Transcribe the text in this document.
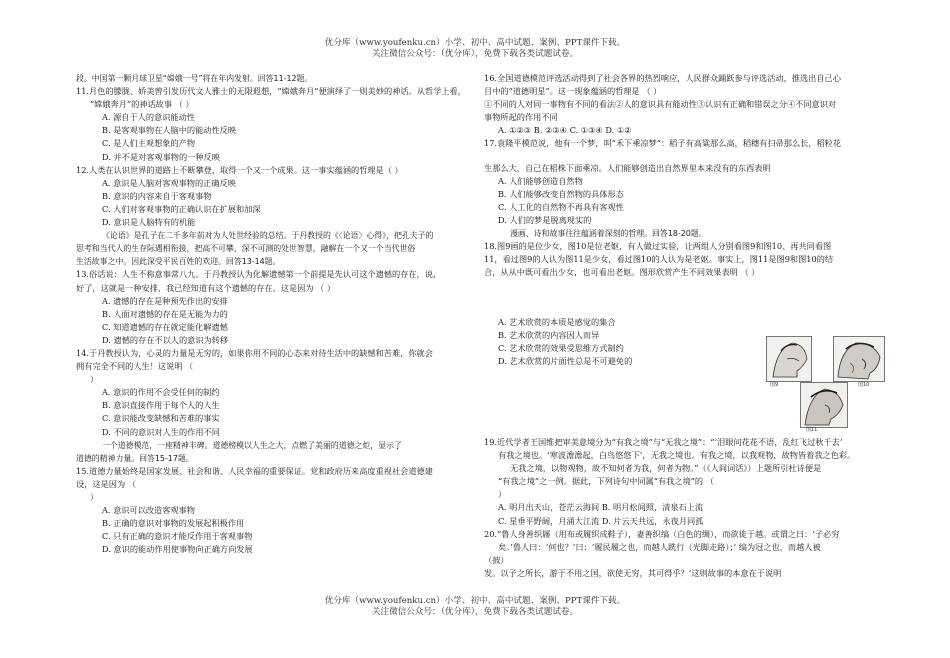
优分库（www.youfenku.cn）小学、初中、高中试题、案例、PPT课件下载。
关注微信公众号：（优分库），免费下载各类试题试卷。

段。中国第一颗月球卫星“嫦娥一号”将在年内发射。回答11-12题。

11.月色的朦胧、娇美曾引发历代文人雅士的无限遐想，“嫦娥奔月”便演绎了一则美妙的神话。从哲学上看，

“嫦娥奔月”的神话故事 （ ）

A. 源自于人的意识能动性

B. 是客观事物在人脑中的能动性反映

C. 是人们主观想象的产物

D. 并不是对客观事物的一种反映

12.人类在认识世界的道路上不断攀登，取得一个又一个成果。这一事实蕴涵的哲理是（ ）

A. 意识是人脑对客观事物的正确反映

B. 意识的内容来自于客观事物

C. 人们对客观事物的正确认识在扩展和加深

D. 意识是人脑特有的机能

《论语》是孔子在二千多年前对为人处世经验的总结。于丹教授的《〈论语〉心得》，把孔夫子的

思考和当代人的生存际遇相衔接，把高不可攀，深不可测的处世智慧，融解在一个又一个当代世俗

生活故事之中。因此深受平民百姓的欢迎。回答13-14题。

13.俗话说：人生不称意事常八九。于丹教授认为化解遗憾第一个前提是先认可这个遗憾的存在，说，

好了，这就是一种安排，我已经知道有这个遗憾的存在。这是因为 （ ）

A. 遗憾的存在是种预先作出的安排

B. 人面对遗憾的存在是无能为力的

C. 知道遗憾的存在就定能化解遗憾

D. 遗憾的存在不以人的意识为转移

14.于丹教授认为，心灵的力量是无穷的，如果你用不同的心态来对待生活中的缺憾和苦难，你就会

拥有完全不同的人生！这说明 （

）

A. 意识的作用不会受任何的制约

B. 意识直接作用于每个人的人生

C. 意识能改变缺憾和苦难的事实

D. 不同的意识对人生的作用不同

一个道德模范，一座精神丰碑。道德榜模以人生之大，点燃了美丽的道德之炬，显示了

道德的精神力量。回答15-17题。

15.道德力量始终是国家发展、社会和谐、人民幸福的重要保证。党和政府历来高度重视社会道德建

设，这是因为 （

）

A. 意识可以改造客观事物

B. 正确的意识对事物的发展起积极作用

C. 只有正确的意识才能反作用于客观事物

D. 意识的能动作用使事物向正确方向发展

16.全国道德模范评选活动得到了社会各界的热烈响应，人民群众踊跃参与评选活动，推选出自己心

目中的“道德明星”。这一现象蕴涵的哲理是 （ ）

①不同的人对同一事物有不同的看法②人的意识具有能动性③认识有正确和错误之分④不同意识对

事物所起的作用不同

A. ①②③ B. ②③④ C. ①③④ D. ①②

17.袁隆平模范说，他有一个梦，叫“禾下乘凉梦”：稻子有高粱那么高，稻穗有扫帚那么长，稻粒花

生那么大，自己在稻株下面乘凉。人们能够创造出自然界里本来没有的东西表明

A. 人们能够创造自然物

B. 人们能够改变自然物的具体形态

C. 人工化的自然物不再具有客观性

D. 人们的梦是脱离现实的

漫画、诗和故事往往蕴涵着深刻的哲理。回答18-20题。

18.图9画的是位少女，图10是位老妪，有人做过实验，让两组人分别看图9和图10、再共同看图

11，看过图9的人认为图11是少女，看过图10的人认为是老妪。事实上，图11是图9和图10的结

合，从从中既可看出少女，也可看出老妪。图形欣赏产生不同效果表明 （ ）

A. 艺术欣赏的本质是感觉的集合

B. 艺术欣赏的内容因人而异

C. 艺术欣赏的效果受思维方式制约

D. 艺术欣赏的片面性总是不可避免的

19.近代学者王国维把审美意境分为“有我之境”与“无我之境”：“‘泪眼问花花不语，乱红飞过秋千去’

有我之境也。‘寒波澹澹起，白鸟悠悠下’，无我之境也。有我之境，以我观物，故物皆着我之色彩。

无我之境，以物观物，故不知何者为我，何者为物。”（《人间词话》）上题所引杜诗便是

“有我之境”之一例。据此，下列诗句中同属“有我之境”的 （

）

A. 明月出天山，苍茫云海间 B. 明月松间照，清泉石上流

C. 星垂平野阔，月涌大江流 D. 片云天共远，永夜月同孤

20.“鲁人身善织屦（用布或履织成鞋子），妻善织缟（白色的绸），而欲徙于越。或谓之曰：‘子必穷

矣。’鲁人曰：‘何也？’曰：‘履民履之也，而越人跣行（光脚走路）；’ 缟为冠之也，而越人被

（披）

发。以子之所长，游于不用之国，欲使无穷，其可得乎？’这则故事的本意在于说明

图9	图10
图11
优分库（www.youfenku.cn）小学、初中、高中试题、案例、PPT课件下载。
关注微信公众号：（优分库），免费下载各类试题试卷。
